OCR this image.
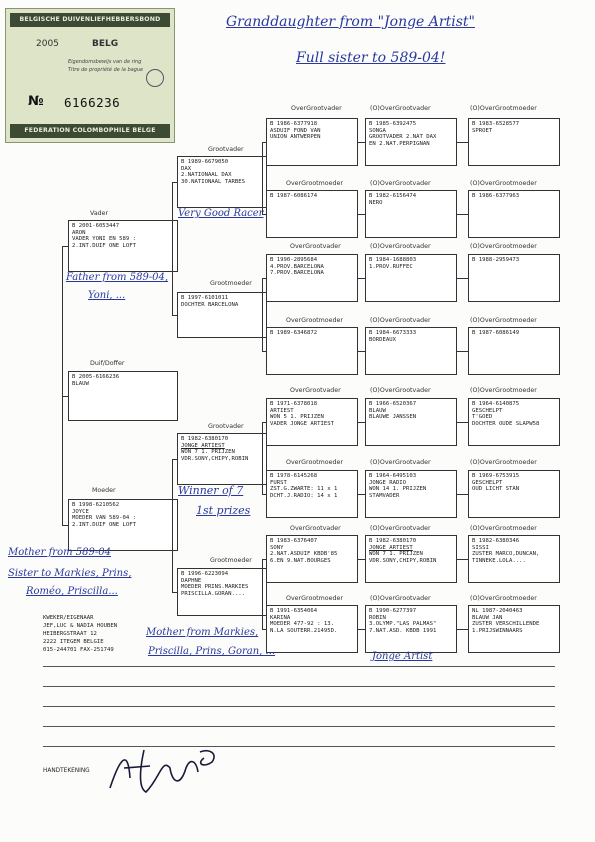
BELGISCHE DUIVENLIEFHEBBERSBOND
2005	BELG
Eigendomsbewijs van de ring
Titre de propriété de la bague
№ 6166236
FEDERATION COLOMBOPHILE BELGE
Granddaughter from "Jonge Artist"
Full sister to 589-04!
OverGrootvader	(O)OverGrootvader	(O)OverGrootmoeder
Vader
B 2001-6053447
ARON
VADER YONI EN 589 :
2.INT.DUIF ONE LOFT
Duif/Doffer
B 2005-6166236
BLAUW
Moeder
B 1998-6210562
JOYCE
MOEDER VAN 589-04 :
2.INT.DUIF ONE LOFT
Grootvader
B 1989-6679050
DAX
2.NATIONAAL DAX
30.NATIONAAL TARBES
Grootmoeder
B 1997-6101011
DOCHTER BARCELONA
Grootvader
B 1982-6380170
JONGE ARTIEST
WON 7 1. PRIJZEN
VDR.SONY,CHIPY,ROBIN
Grootmoeder
B 1996-6223094
DAPHNE
MOEDER PRINS.MARKIES
PRISCILLA.GORAN....
B 1986-6377918
ASDUIF FOND VAN
UNION ANTWERPEN
OverGrootmoeder
B 1987-6086174
OverGrootvader
B 1990-2895684
4.PROV.BARCELONA
7.PROV.BARCELONA
OverGrootmoeder
B 1989-6346872
OverGrootvader
B 1971-6378018
ARTIEST
WON 5 1. PRIJZEN
VADER JONGE ARTIEST
OverGrootmoeder
B 1978-6145268
FURST
ZST.G.ZWARTE: 11 x 1
DCHT.J.RADIO: 14 x 1
OverGrootvader
B 1983-6376407
SONY
2.NAT.ASDUIF KBDB'85
6.EN 9.NAT.BOURGES
OverGrootmoeder
B 1991-6354064
KARINA
MOEDER 477-92 : 13.
N.LA SOUTERR.21495D.
(O)OverGrootvader	(O)OverGrootmoeder
(O)OverGrootvader	(O)OverGrootmoeder
(O)OverGrootvader	(O)OverGrootmoeder
(O)OverGrootvader	(O)OverGrootmoeder
(O)OverGrootvader	(O)OverGrootmoeder
(O)OverGrootvader	(O)OverGrootmoeder
(O)OverGrootvader	(O)OverGrootmoeder
B 1985-6392475
SONGA
GROOTVADER 2.NAT DAX
EN 2.NAT.PERPIGNAN
B 1983-6528577
SPROET
B 1982-6156474
NERO
B 1986-6377963
B 1984-1688803
1.PROV.RUFFEC
B 1988-2959473
B 1984-6673333
BORDEAUX
B 1987-6086149
B 1966-6520367
BLAUW
BLAUWE JANSSEN
B 1964-6140875
GESCHELPT
T'GOED
DOCHTER OUDE SLAPW58
B 1964-6495103
JONGE RADIO
WON 14 1. PRIJZEN
STAMVADER
B 1969-6753915
GESCHELPT
OUD LICHT STAN
B 1982-6380170
JONGE ARTIEST
WON 7 1. PRIJZEN
VDR.SONY,CHIPY,ROBIN
B 1982-6380346
SISSI
ZUSTER MARCO,DUNCAN,
TINNEKE.LOLA....
B 1990-6277397
ROBIN
3.OLYMP."LAS PALMAS"
7.NAT.ASD. KBDB 1991
NL 1987-2040463
BLAUW JAN
ZUSTER VERSCHILLENDE
1.PRIJSWINNAARS
Very Good Racer
Father from 589-04,
Yoni, ...
Winner of 7
1st prizes
Mother from 589-04
Sister to Markies, Prins,
Roméo, Priscilla...
Mother from Markies,
Priscilla, Prins, Goran, ...	Jonge Artist
KWEKER/EIGENAAR
JEF,LUC & NADIA HOUBEN
HEIBERGSTRAAT 12
2222 ITEGEM BELGIE
015-244701 FAX-251749
HANDTEKENING
